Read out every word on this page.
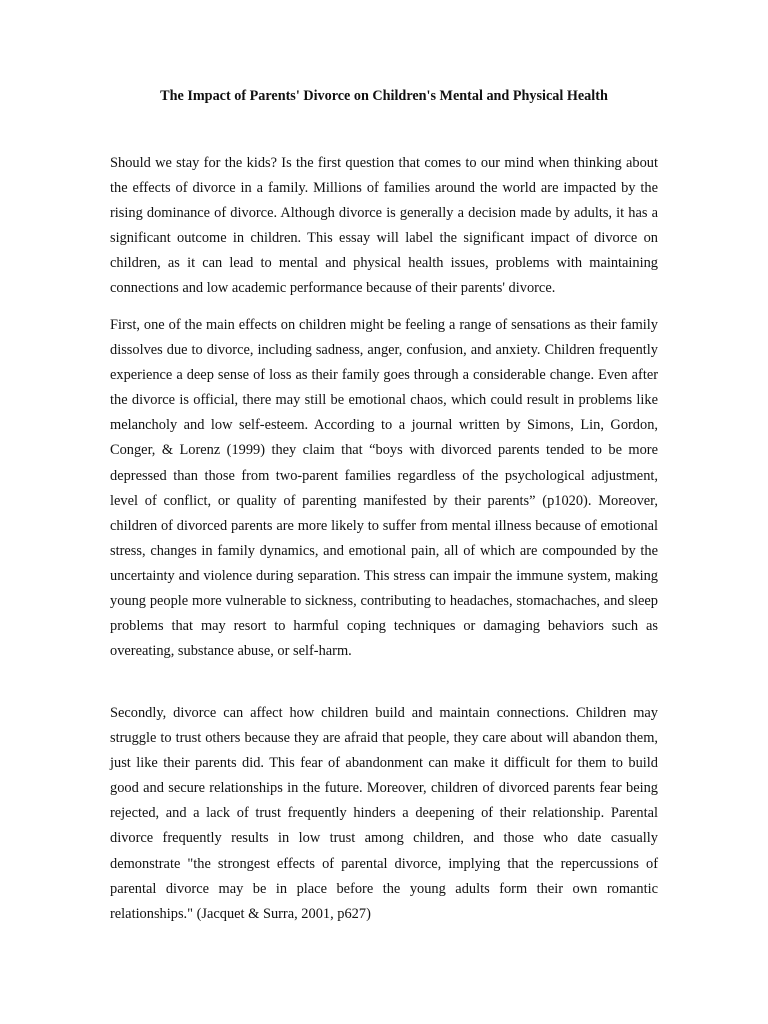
The Impact of Parents' Divorce on Children's Mental and Physical Health

Should we stay for the kids? Is the first question that comes to our mind when thinking about the effects of divorce in a family. Millions of families around the world are impacted by the rising dominance of divorce. Although divorce is generally a decision made by adults, it has a significant outcome in children. This essay will label the significant impact of divorce on children, as it can lead to mental and physical health issues, problems with maintaining connections and low academic performance because of their parents' divorce.

First, one of the main effects on children might be feeling a range of sensations as their family dissolves due to divorce, including sadness, anger, confusion, and anxiety. Children frequently experience a deep sense of loss as their family goes through a considerable change. Even after the divorce is official, there may still be emotional chaos, which could result in problems like melancholy and low self-esteem. According to a journal written by Simons, Lin, Gordon, Conger, & Lorenz (1999) they claim that “boys with divorced parents tended to be more depressed than those from two-parent families regardless of the psychological adjustment, level of conflict, or quality of parenting manifested by their parents” (p1020). Moreover, children of divorced parents are more likely to suffer from mental illness because of emotional stress, changes in family dynamics, and emotional pain, all of which are compounded by the uncertainty and violence during separation. This stress can impair the immune system, making young people more vulnerable to sickness, contributing to headaches, stomachaches, and sleep problems that may resort to harmful coping techniques or damaging behaviors such as overeating, substance abuse, or self-harm.

Secondly, divorce can affect how children build and maintain connections. Children may struggle to trust others because they are afraid that people, they care about will abandon them, just like their parents did. This fear of abandonment can make it difficult for them to build good and secure relationships in the future. Moreover, children of divorced parents fear being rejected, and a lack of trust frequently hinders a deepening of their relationship. Parental divorce frequently results in low trust among children, and those who date casually demonstrate "the strongest effects of parental divorce, implying that the repercussions of parental divorce may be in place before the young adults form their own romantic relationships." (Jacquet & Surra, 2001, p627)
